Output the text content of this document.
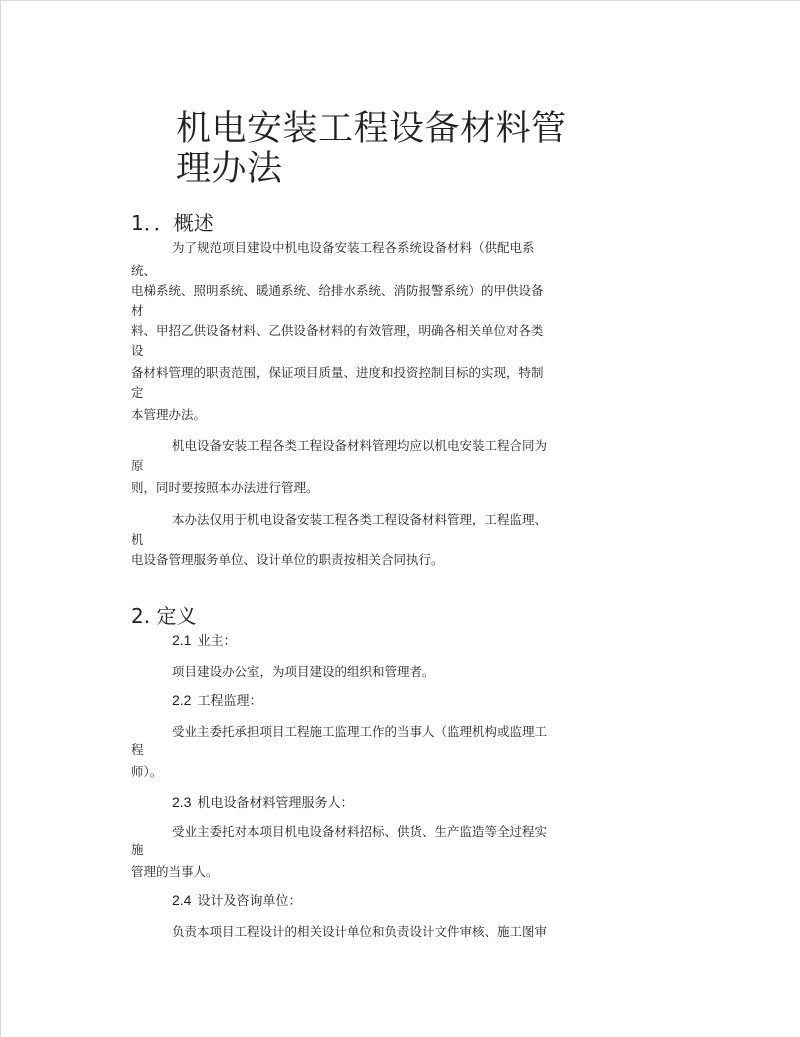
机电安装工程设备材料管
理办法
1．．概述
为了规范项目建设中机电设备安装工程各系统设备材料（供配电系
统、
电梯系统、照明系统、暖通系统、给排水系统、消防报警系统）的甲供设备
材
料、甲招乙供设备材料、乙供设备材料的有效管理，明确各相关单位对各类
设
备材料管理的职责范围，保证项目质量、进度和投资控制目标的实现，特制
定
本管理办法。
机电设备安装工程各类工程设备材料管理均应以机电安装工程合同为
原
则，同时要按照本办法进行管理。
本办法仅用于机电设备安装工程各类工程设备材料管理，工程监理、
机
电设备管理服务单位、设计单位的职责按相关合同执行。
2. 定义
2.1 业主：
项目建设办公室，为项目建设的组织和管理者。
2.2 工程监理：
受业主委托承担项目工程施工监理工作的当事人（监理机构或监理工
程
师）。
2.3 机电设备材料管理服务人：
受业主委托对本项目机电设备材料招标、供货、生产监造等全过程实
施
管理的当事人。
2.4 设计及咨询单位：
负责本项目工程设计的相关设计单位和负责设计文件审核、施工图审
